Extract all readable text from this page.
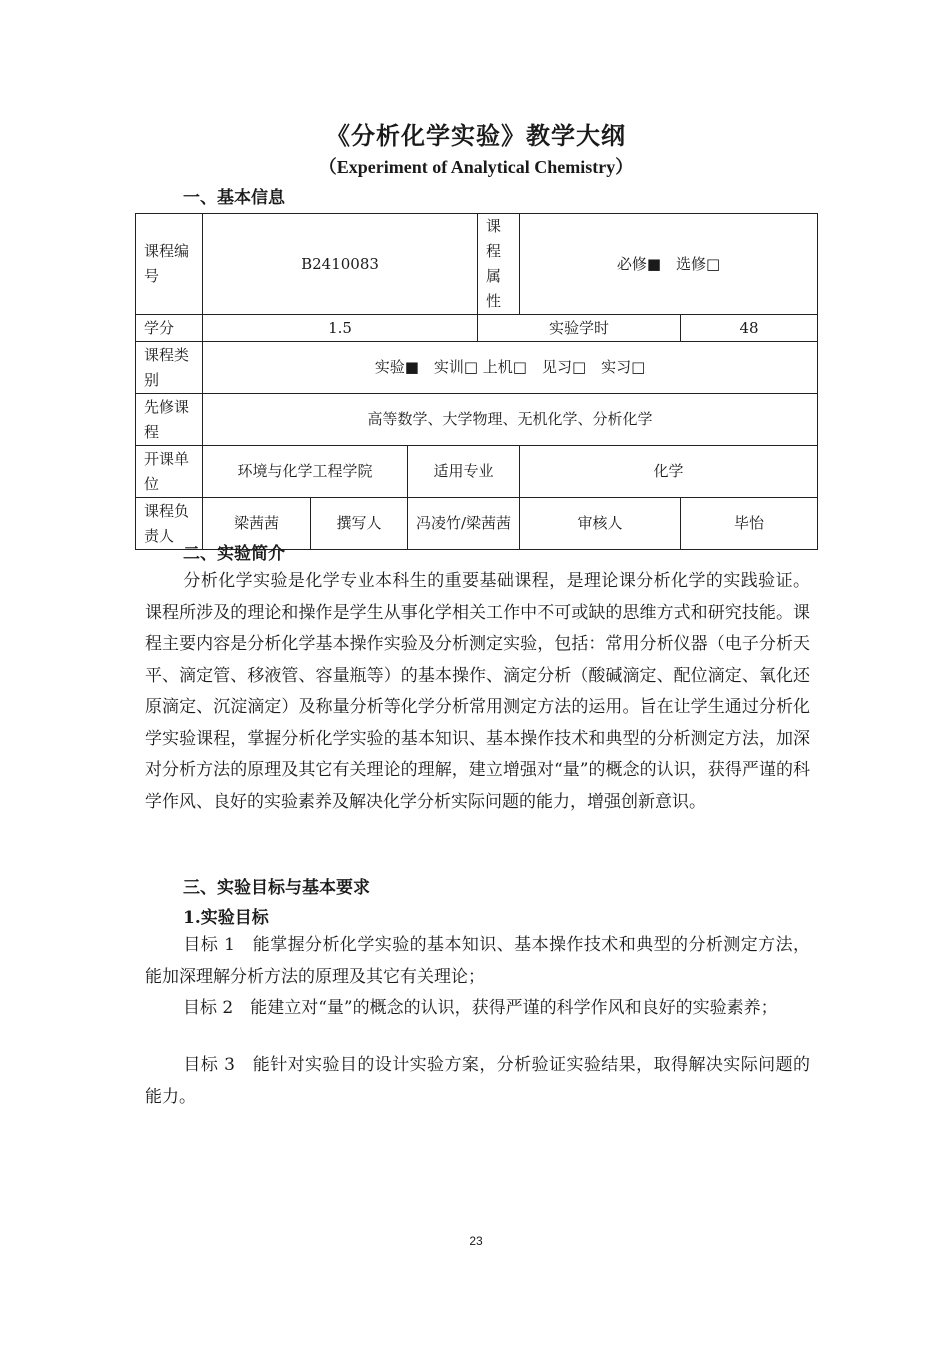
《分析化学实验》教学大纲
（Experiment of Analytical Chemistry）
一、基本信息
课程编号	B2410083			课程属性	必修■　选修□	
学分	1.5			实验学时		48
课程类别	实验■　实训□ 上机□　见习□　实习□					
先修课程	高等数学、大学物理、无机化学、分析化学					
开课单位	环境与化学工程学院		适用专业		化学	
课程负责人	梁茜茜	撰写人	冯凌竹/梁茜茜		审核人	毕怡
二、实验简介
分析化学实验是化学专业本科生的重要基础课程，是理论课分析化学的实践验证。课程所涉及的理论和操作是学生从事化学相关工作中不可或缺的思维方式和研究技能。课程主要内容是分析化学基本操作实验及分析测定实验，包括：常用分析仪器（电子分析天平、滴定管、移液管、容量瓶等）的基本操作、滴定分析（酸碱滴定、配位滴定、氧化还原滴定、沉淀滴定）及称量分析等化学分析常用测定方法的运用。旨在让学生通过分析化学实验课程，掌握分析化学实验的基本知识、基本操作技术和典型的分析测定方法，加深对分析方法的原理及其它有关理论的理解，建立增强对“量”的概念的认识，获得严谨的科学作风、良好的实验素养及解决化学分析实际问题的能力，增强创新意识。
三、实验目标与基本要求
1.实验目标
目标 1　能掌握分析化学实验的基本知识、基本操作技术和典型的分析测定方法，能加深理解分析方法的原理及其它有关理论；
目标 2　能建立对“量”的概念的认识，获得严谨的科学作风和良好的实验素养；
目标 3　能针对实验目的设计实验方案，分析验证实验结果，取得解决实际问题的能力。
23
